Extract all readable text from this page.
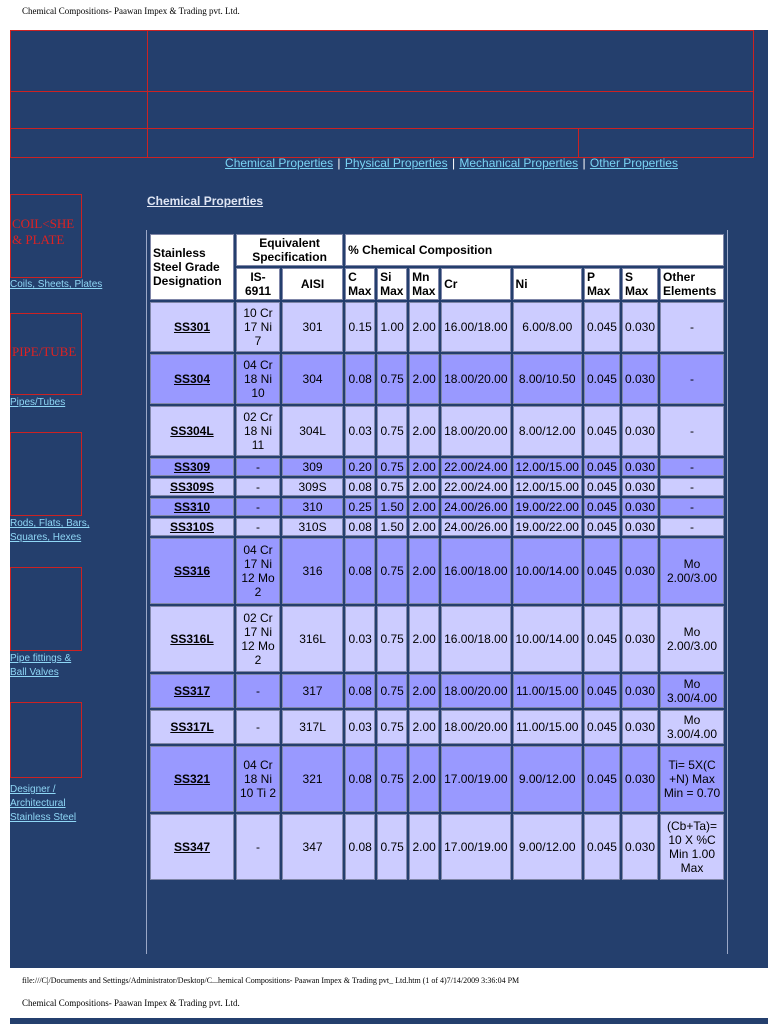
Chemical Compositions- Paawan Impex & Trading pvt. Ltd.
Chemical Properties | Physical Properties | Mechanical Properties | Other Properties
COIL<SHE & PLATE
Coils, Sheets, Plates
PIPE/TUBE
Pipes/Tubes
Rods, Flats, Bars, Squares, Hexes
Pipe fittings & Ball Valves
Designer / Architectural Stainless Steel
Chemical Properties
Stainless Steel Grade Designation	Equivalent Specification		% Chemical Composition							
	IS-6911	AISI	C Max	Si Max	Mn Max	Cr	Ni	P Max	S Max	Other Elements
SS301	10 Cr 17 Ni 7	301	0.15	1.00	2.00	16.00/18.00	6.00/8.00	0.045	0.030	-
SS304	04 Cr 18 Ni 10	304	0.08	0.75	2.00	18.00/20.00	8.00/10.50	0.045	0.030	-
SS304L	02 Cr 18 Ni 11	304L	0.03	0.75	2.00	18.00/20.00	8.00/12.00	0.045	0.030	-
SS309	-	309	0.20	0.75	2.00	22.00/24.00	12.00/15.00	0.045	0.030	-
SS309S	-	309S	0.08	0.75	2.00	22.00/24.00	12.00/15.00	0.045	0.030	-
SS310	-	310	0.25	1.50	2.00	24.00/26.00	19.00/22.00	0.045	0.030	-
SS310S	-	310S	0.08	1.50	2.00	24.00/26.00	19.00/22.00	0.045	0.030	-
SS316	04 Cr 17 Ni 12 Mo 2	316	0.08	0.75	2.00	16.00/18.00	10.00/14.00	0.045	0.030	Mo 2.00/3.00
SS316L	02 Cr 17 Ni 12 Mo 2	316L	0.03	0.75	2.00	16.00/18.00	10.00/14.00	0.045	0.030	Mo 2.00/3.00
SS317	-	317	0.08	0.75	2.00	18.00/20.00	11.00/15.00	0.045	0.030	Mo 3.00/4.00
SS317L	-	317L	0.03	0.75	2.00	18.00/20.00	11.00/15.00	0.045	0.030	Mo 3.00/4.00
SS321	04 Cr 18 Ni 10 Ti 2	321	0.08	0.75	2.00	17.00/19.00	9.00/12.00	0.045	0.030	Ti= 5X(C +N) Max Min = 0.70
SS347	-	347	0.08	0.75	2.00	17.00/19.00	9.00/12.00	0.045	0.030	(Cb+Ta)= 10 X %C Min 1.00 Max
file:///C|/Documents and Settings/Administrator/Desktop/C...hemical Compositions- Paawan Impex & Trading pvt_ Ltd.htm (1 of 4)7/14/2009 3:36:04 PM
Chemical Compositions- Paawan Impex & Trading pvt. Ltd.
